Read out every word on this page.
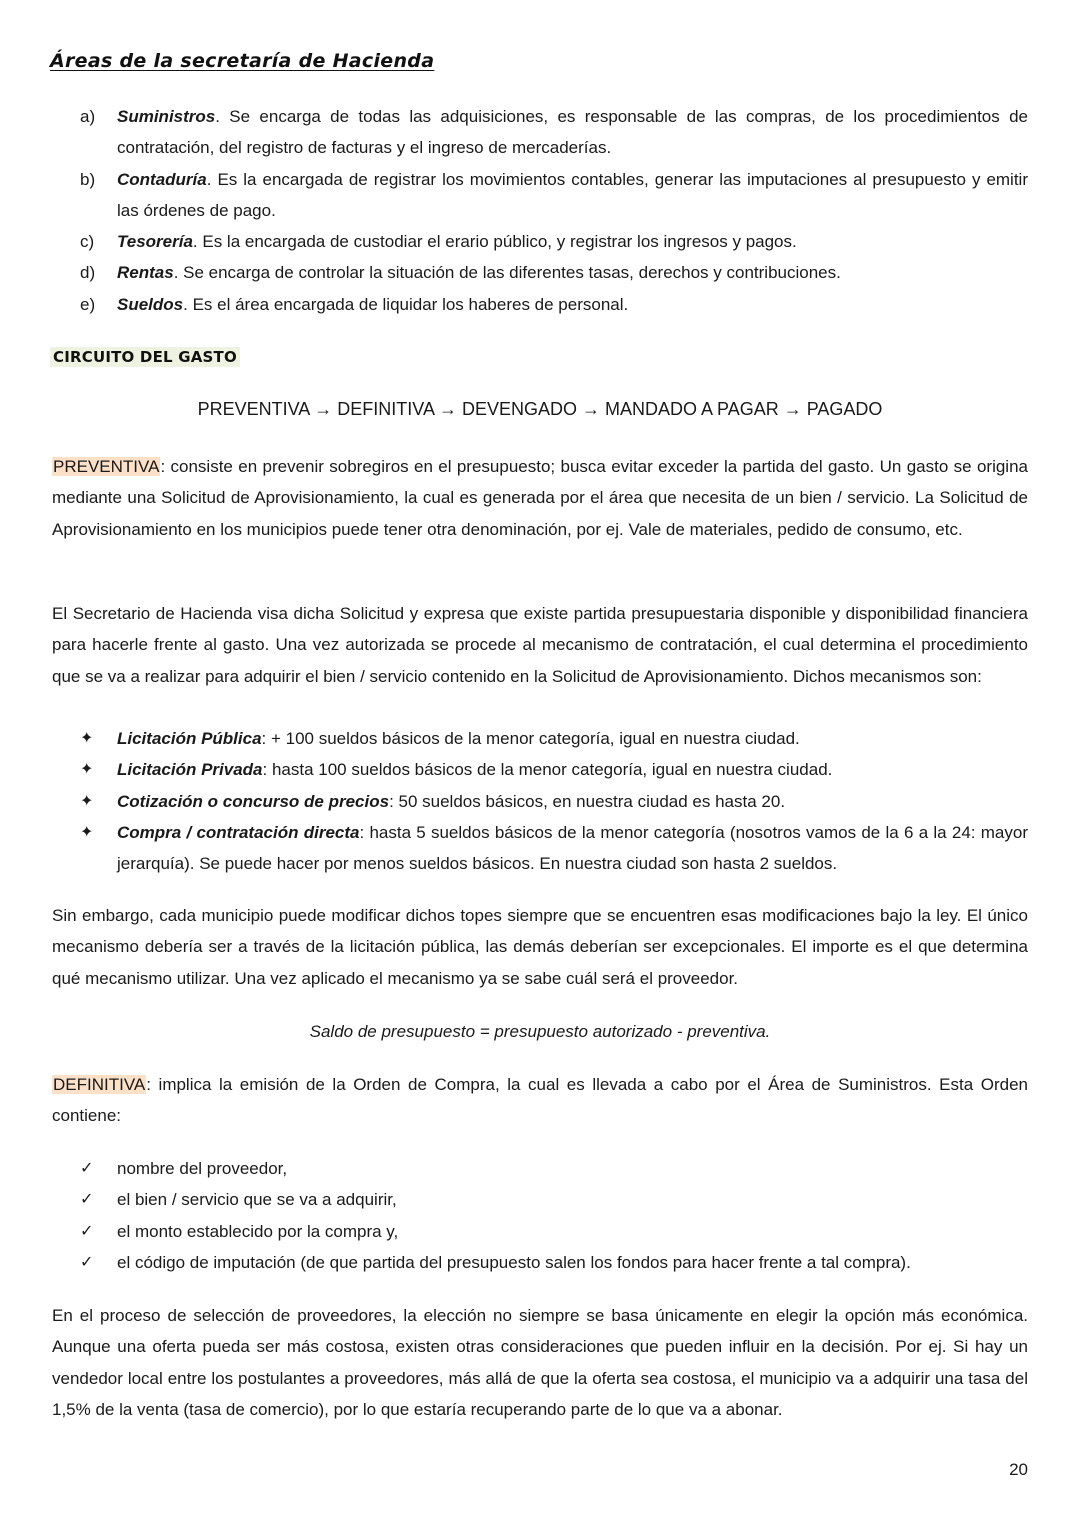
Áreas de la secretaría de Hacienda
a)	Suministros. Se encarga de todas las adquisiciones, es responsable de las compras, de los procedimientos de contratación, del registro de facturas y el ingreso de mercaderías.
b)	Contaduría. Es la encargada de registrar los movimientos contables, generar las imputaciones al presupuesto y emitir las órdenes de pago.
c)	Tesorería. Es la encargada de custodiar el erario público, y registrar los ingresos y pagos.
d)	Rentas. Se encarga de controlar la situación de las diferentes tasas, derechos y contribuciones.
e)	Sueldos. Es el área encargada de liquidar los haberes de personal.
CIRCUITO DEL GASTO
PREVENTIVA → DEFINITIVA → DEVENGADO → MANDADO A PAGAR → PAGADO
PREVENTIVA: consiste en prevenir sobregiros en el presupuesto; busca evitar exceder la partida del gasto. Un gasto se origina mediante una Solicitud de Aprovisionamiento, la cual es generada por el área que necesita de un bien / servicio. La Solicitud de Aprovisionamiento en los municipios puede tener otra denominación, por ej. Vale de materiales, pedido de consumo, etc.
El Secretario de Hacienda visa dicha Solicitud y expresa que existe partida presupuestaria disponible y disponibilidad financiera para hacerle frente al gasto. Una vez autorizada se procede al mecanismo de contratación, el cual determina el procedimiento que se va a realizar para adquirir el bien / servicio contenido en la Solicitud de Aprovisionamiento. Dichos mecanismos son:
✦	Licitación Pública: + 100 sueldos básicos de la menor categoría, igual en nuestra ciudad.
✦	Licitación Privada: hasta 100 sueldos básicos de la menor categoría, igual en nuestra ciudad.
✦	Cotización o concurso de precios: 50 sueldos básicos, en nuestra ciudad es hasta 20.
✦	Compra / contratación directa: hasta 5 sueldos básicos de la menor categoría (nosotros vamos de la 6 a la 24: mayor jerarquía). Se puede hacer por menos sueldos básicos. En nuestra ciudad son hasta 2 sueldos.
Sin embargo, cada municipio puede modificar dichos topes siempre que se encuentren esas modificaciones bajo la ley. El único mecanismo debería ser a través de la licitación pública, las demás deberían ser excepcionales. El importe es el que determina qué mecanismo utilizar. Una vez aplicado el mecanismo ya se sabe cuál será el proveedor.
Saldo de presupuesto = presupuesto autorizado - preventiva.
DEFINITIVA: implica la emisión de la Orden de Compra, la cual es llevada a cabo por el Área de Suministros. Esta Orden contiene:
✓	nombre del proveedor,
✓	el bien / servicio que se va a adquirir,
✓	el monto establecido por la compra y,
✓	el código de imputación (de que partida del presupuesto salen los fondos para hacer frente a tal compra).
En el proceso de selección de proveedores, la elección no siempre se basa únicamente en elegir la opción más económica. Aunque una oferta pueda ser más costosa, existen otras consideraciones que pueden influir en la decisión. Por ej. Si hay un vendedor local entre los postulantes a proveedores, más allá de que la oferta sea costosa, el municipio va a adquirir una tasa del 1,5% de la venta (tasa de comercio), por lo que estaría recuperando parte de lo que va a abonar.
20
